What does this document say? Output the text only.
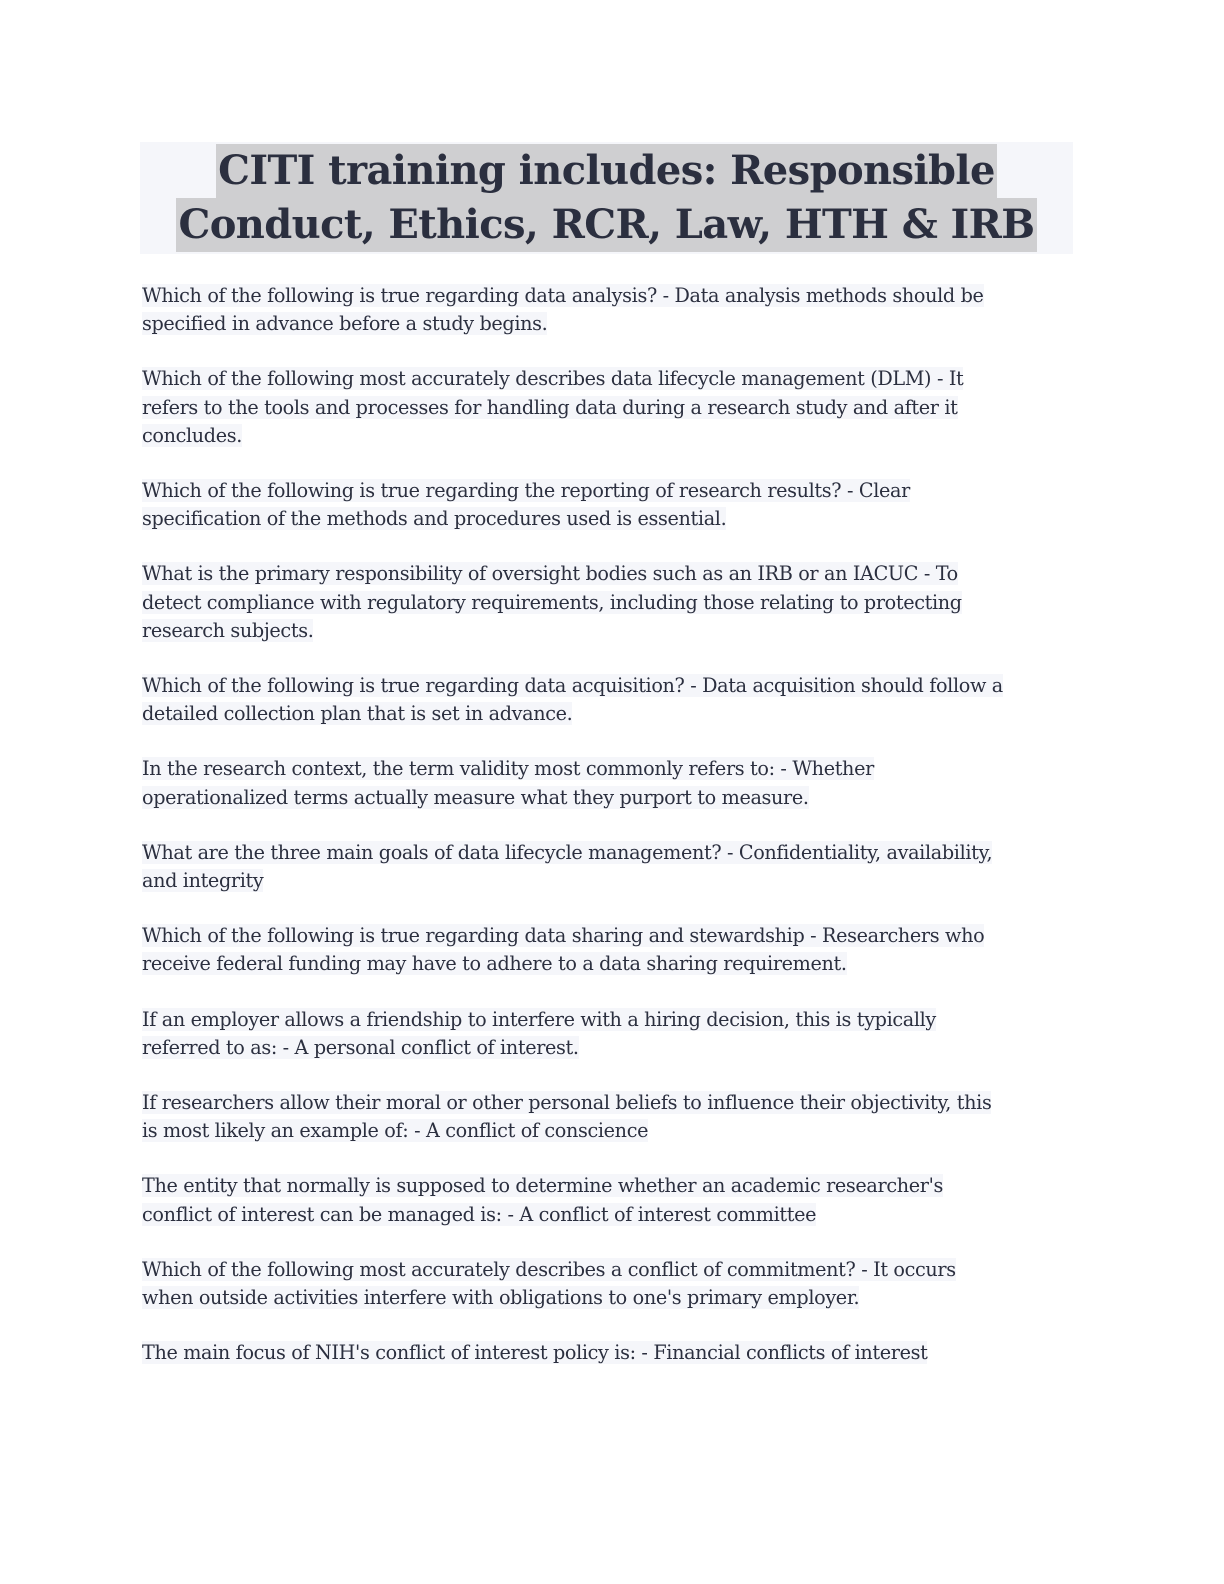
CITI training includes: Responsible
Conduct, Ethics, RCR, Law, HTH & IRB

Which of the following is true regarding data analysis? - Data analysis methods should be
specified in advance before a study begins.

Which of the following most accurately describes data lifecycle management (DLM) - It
refers to the tools and processes for handling data during a research study and after it
concludes.

Which of the following is true regarding the reporting of research results? - Clear
specification of the methods and procedures used is essential.

What is the primary responsibility of oversight bodies such as an IRB or an IACUC - To
detect compliance with regulatory requirements, including those relating to protecting
research subjects.

Which of the following is true regarding data acquisition? - Data acquisition should follow a
detailed collection plan that is set in advance.

In the research context, the term validity most commonly refers to: - Whether
operationalized terms actually measure what they purport to measure.

What are the three main goals of data lifecycle management? - Confidentiality, availability,
and integrity

Which of the following is true regarding data sharing and stewardship - Researchers who
receive federal funding may have to adhere to a data sharing requirement.

If an employer allows a friendship to interfere with a hiring decision, this is typically
referred to as: - A personal conflict of interest.

If researchers allow their moral or other personal beliefs to influence their objectivity, this
is most likely an example of: - A conflict of conscience

The entity that normally is supposed to determine whether an academic researcher's
conflict of interest can be managed is: - A conflict of interest committee

Which of the following most accurately describes a conflict of commitment? - It occurs
when outside activities interfere with obligations to one's primary employer.

The main focus of NIH's conflict of interest policy is: - Financial conflicts of interest
